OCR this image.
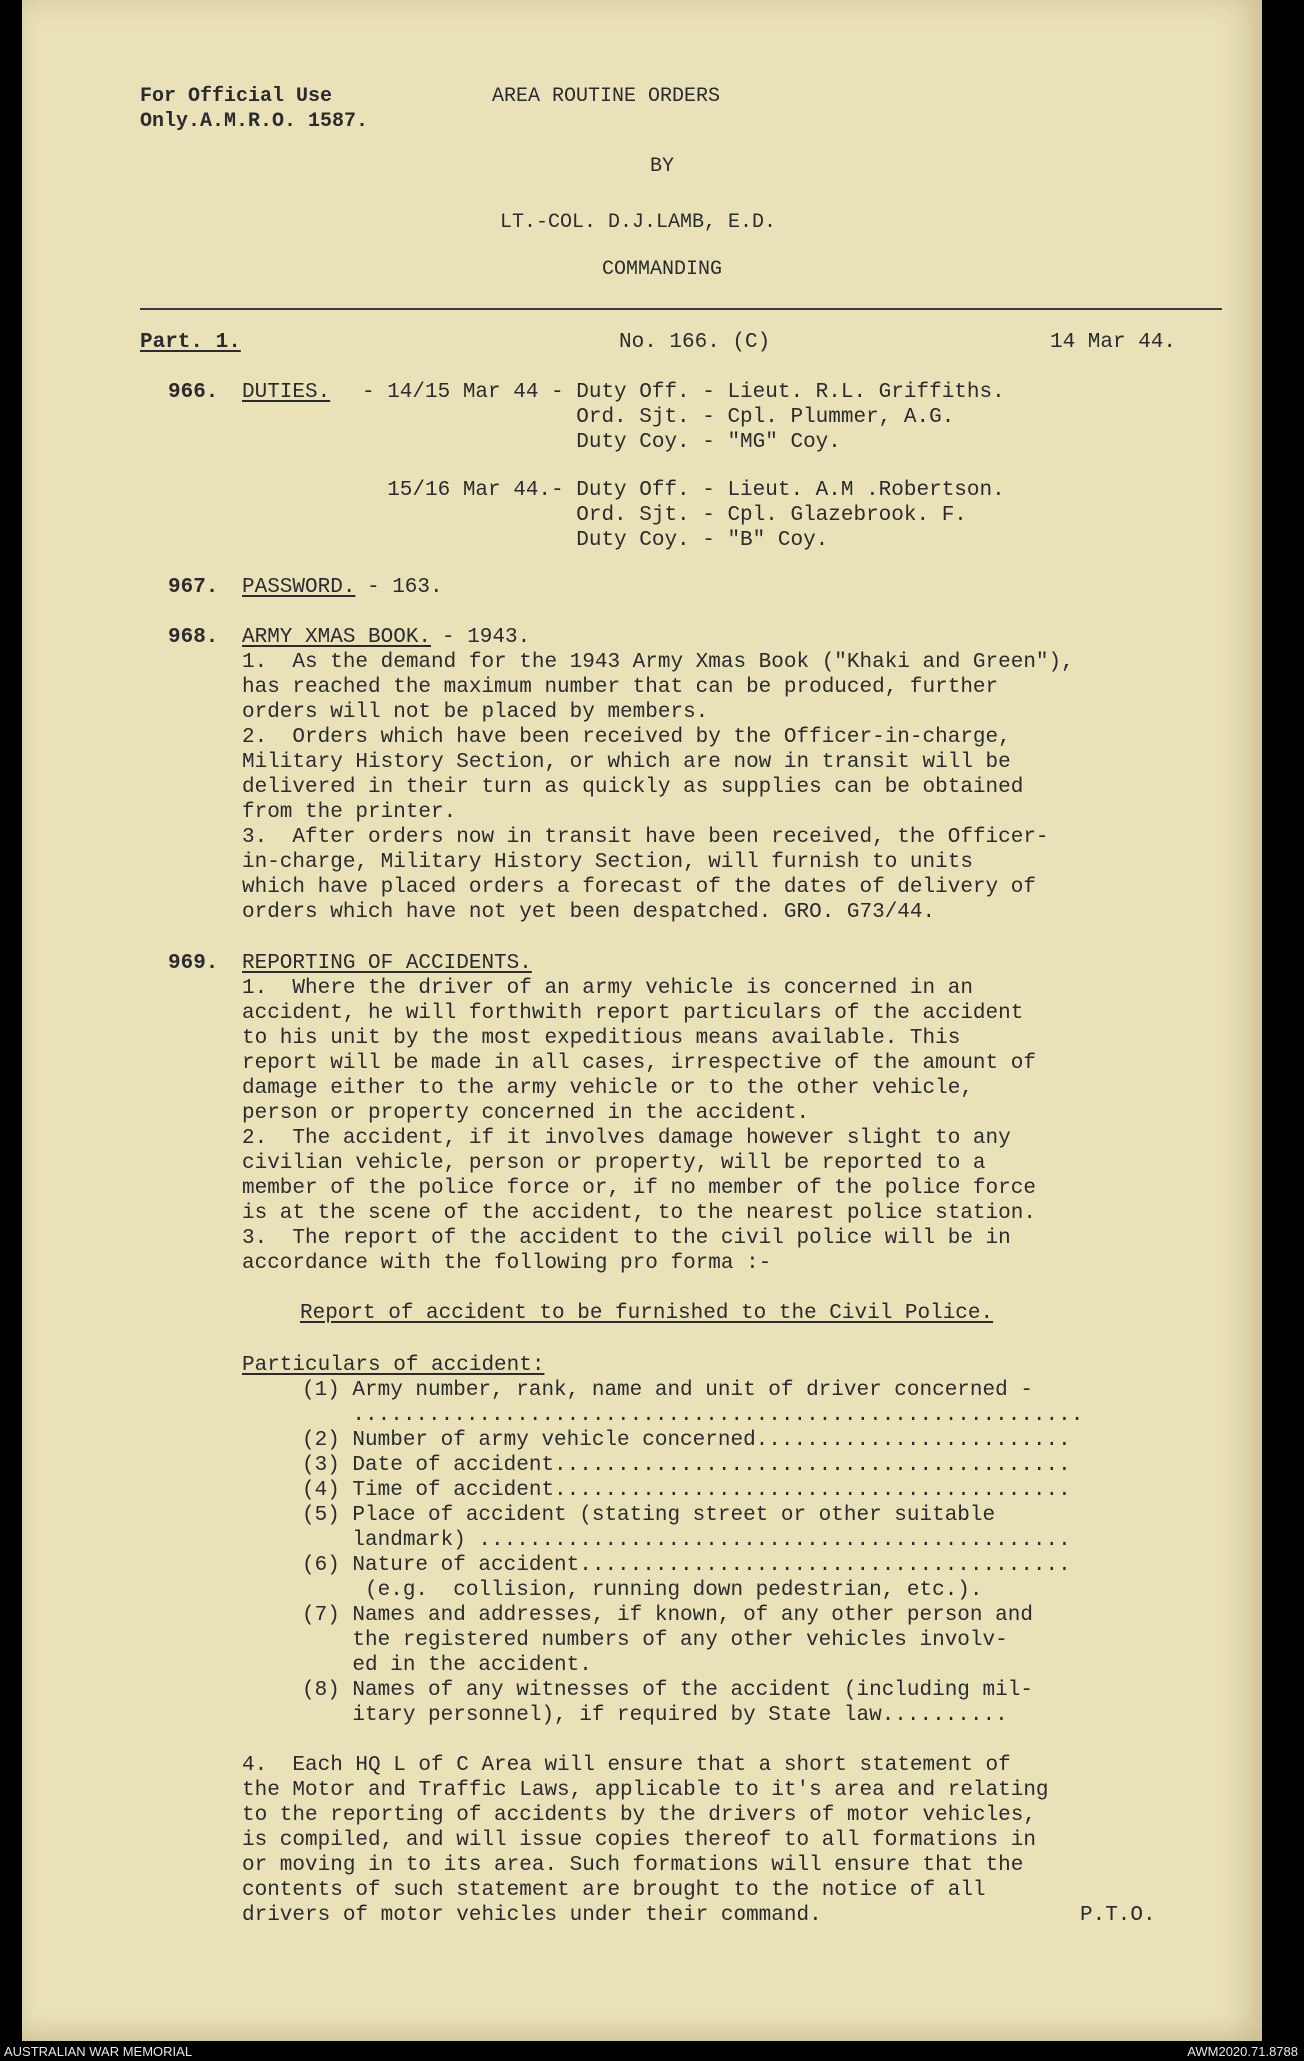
For Official Use
Only.A.M.R.O. 1587.
AREA ROUTINE ORDERS
BY
LT.-COL. D.J.LAMB, E.D.
COMMANDING
Part. 1.	No. 166. (C)	14 Mar 44.
966. DUTIES. - 14/15 Mar 44 - Duty Off. - Lieut. R.L. Griffiths.
Ord. Sjt. - Cpl. Plummer, A.G.
Duty Coy. - "MG" Coy.
15/16 Mar 44.- Duty Off. - Lieut. A.M .Robertson.
Ord. Sjt. - Cpl. Glazebrook. F.
Duty Coy. - "B" Coy.
967. PASSWORD. - 163.
968. ARMY XMAS BOOK. - 1943.
1.  As the demand for the 1943 Army Xmas Book ("Khaki and Green"),
has reached the maximum number that can be produced, further
orders will not be placed by members.
2.  Orders which have been received by the Officer-in-charge,
Military History Section, or which are now in transit will be
delivered in their turn as quickly as supplies can be obtained
from the printer.
3.  After orders now in transit have been received, the Officer-
in-charge, Military History Section, will furnish to units
which have placed orders a forecast of the dates of delivery of
orders which have not yet been despatched. GRO. G73/44.
969. REPORTING OF ACCIDENTS.
1.  Where the driver of an army vehicle is concerned in an
accident, he will forthwith report particulars of the accident
to his unit by the most expeditious means available. This
report will be made in all cases, irrespective of the amount of
damage either to the army vehicle or to the other vehicle,
person or property concerned in the accident.
2.  The accident, if it involves damage however slight to any
civilian vehicle, person or property, will be reported to a
member of the police force or, if no member of the police force
is at the scene of the accident, to the nearest police station.
3.  The report of the accident to the civil police will be in
accordance with the following pro forma :-
Report of accident to be furnished to the Civil Police.
Particulars of accident:
(1) Army number, rank, name and unit of driver concerned -
..........................................................
(2) Number of army vehicle concerned.........................
(3) Date of accident.........................................
(4) Time of accident.........................................
(5) Place of accident (stating street or other suitable
landmark) ...............................................
(6) Nature of accident.......................................
(e.g.  collision, running down pedestrian, etc.).
(7) Names and addresses, if known, of any other person and
the registered numbers of any other vehicles involv-
ed in the accident.
(8) Names of any witnesses of the accident (including mil-
itary personnel), if required by State law..........
4.  Each HQ L of C Area will ensure that a short statement of
the Motor and Traffic Laws, applicable to it's area and relating
to the reporting of accidents by the drivers of motor vehicles,
is compiled, and will issue copies thereof to all formations in
or moving in to its area. Such formations will ensure that the
contents of such statement are brought to the notice of all
drivers of motor vehicles under their command.	P.T.O.
AUSTRALIAN WAR MEMORIAL	AWM2020.71.8788
